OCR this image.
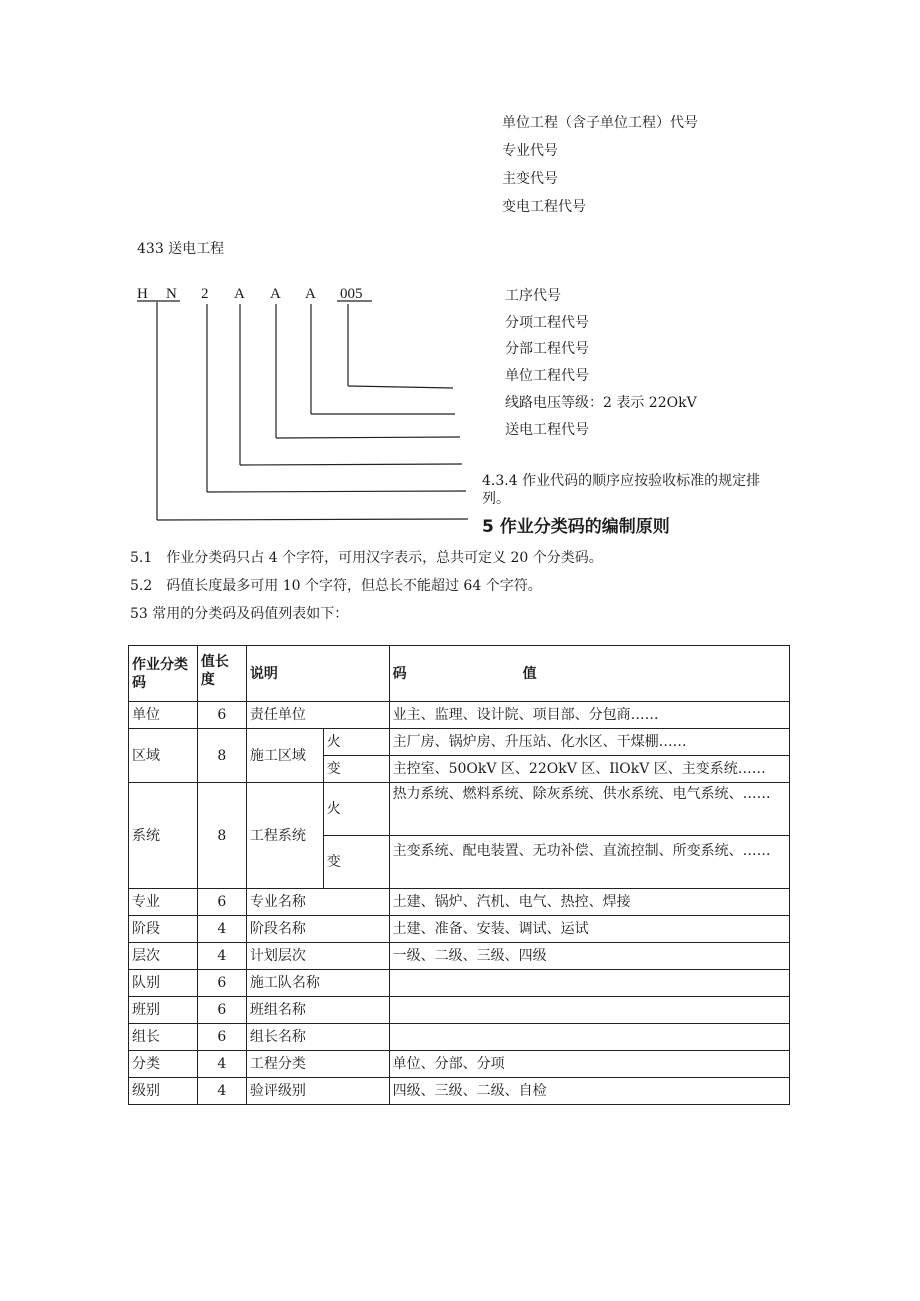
单位工程（含子单位工程）代号
专业代号
主变代号
变电工程代号
433 送电工程
H N 2 A A A 005	工序代号
分项工程代号
分部工程代号
单位工程代号
线路电压等级：2 表示 22OkV
送电工程代号
4.3.4 作业代码的顺序应按验收标准的规定排
列。
5 作业分类码的编制原则
5.1　作业分类码只占 4 个字符，可用汉字表示，总共可定义 20 个分类码。
5.2　码值长度最多可用 10 个字符，但总长不能超过 64 个字符。
53 常用的分类码及码值列表如下：
作业分类
码	值长度	说明		码 值
单位	6	责任单位		业主、监理、设计院、项目部、分包商……
区域	8	施工区域	火	主厂房、锅炉房、升压站、化水区、干煤棚……
			变	主控室、50OkV 区、22OkV 区、IlOkV 区、主变系统……
系统	8	工程系统	火	热力系统、燃料系统、除灰系统、供水系统、电气系统、……
			变	主变系统、配电装置、无功补偿、直流控制、所变系统、……
专业	6	专业名称		土建、锅炉、汽机、电气、热控、焊接
阶段	4	阶段名称		土建、准备、安装、调试、运试
层次	4	计划层次		一级、二级、三级、四级
队别	6	施工队名称		
班别	6	班组名称		
组长	6	组长名称		
分类	4	工程分类		单位、分部、分项
级别	4	验评级别		四级、三级、二级、自检
